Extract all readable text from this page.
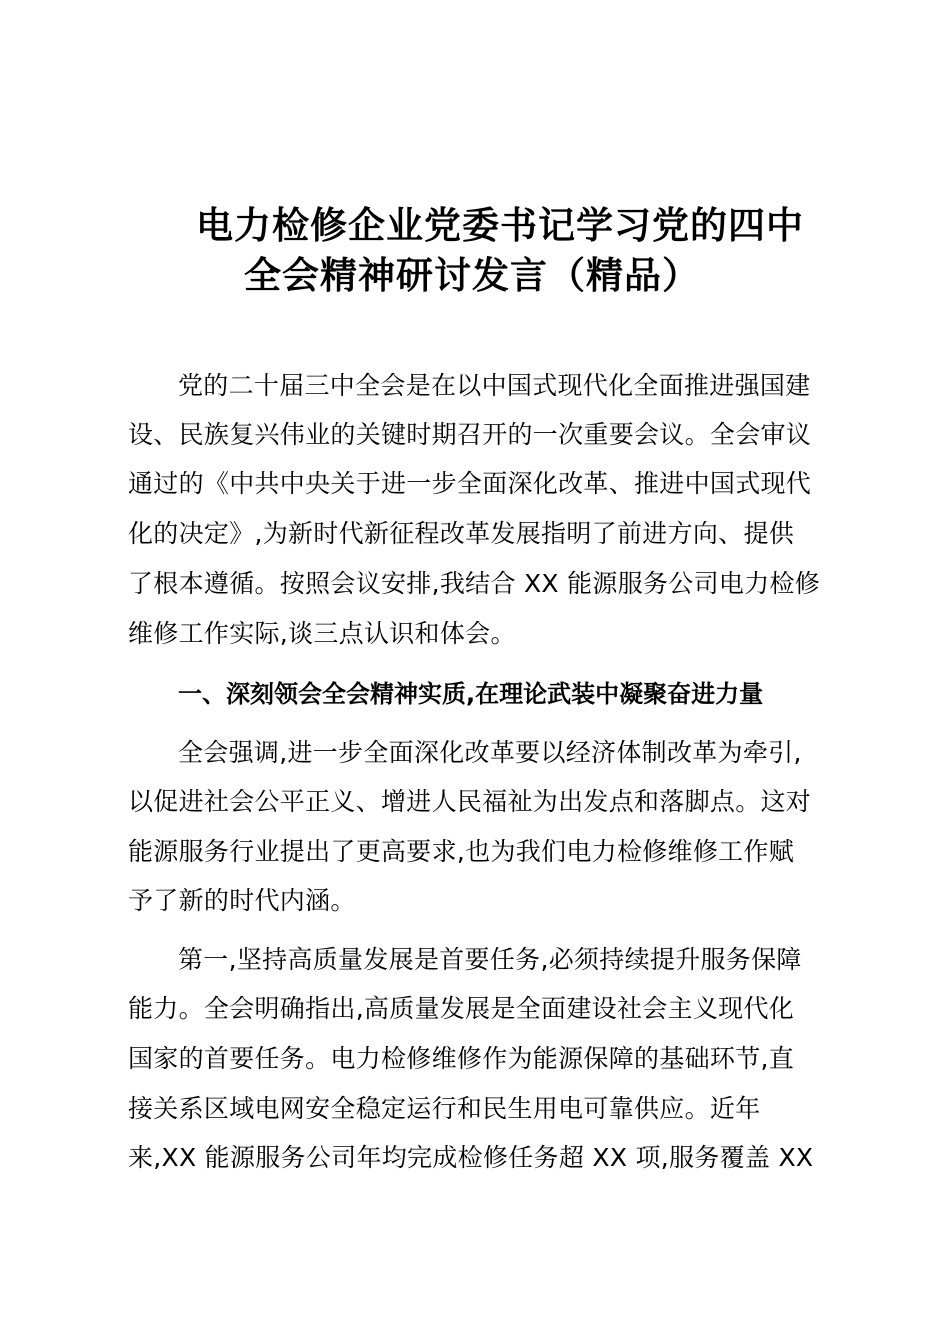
电力检修企业党委书记学习党的四中
全会精神研讨发言（精品）
党的二十届三中全会是在以中国式现代化全面推进强国建
设、民族复兴伟业的关键时期召开的一次重要会议。全会审议
通过的《中共中央关于进一步全面深化改革、推进中国式现代
化的决定》,为新时代新征程改革发展指明了前进方向、提供
了根本遵循。按照会议安排,我结合 XX 能源服务公司电力检修
维修工作实际,谈三点认识和体会。
一、深刻领会全会精神实质,在理论武装中凝聚奋进力量
全会强调,进一步全面深化改革要以经济体制改革为牵引,
以促进社会公平正义、增进人民福祉为出发点和落脚点。这对
能源服务行业提出了更高要求,也为我们电力检修维修工作赋
予了新的时代内涵。
第一,坚持高质量发展是首要任务,必须持续提升服务保障
能力。全会明确指出,高质量发展是全面建设社会主义现代化
国家的首要任务。电力检修维修作为能源保障的基础环节,直
接关系区域电网安全稳定运行和民生用电可靠供应。近年
来,XX 能源服务公司年均完成检修任务超 XX 项,服务覆盖 XX
